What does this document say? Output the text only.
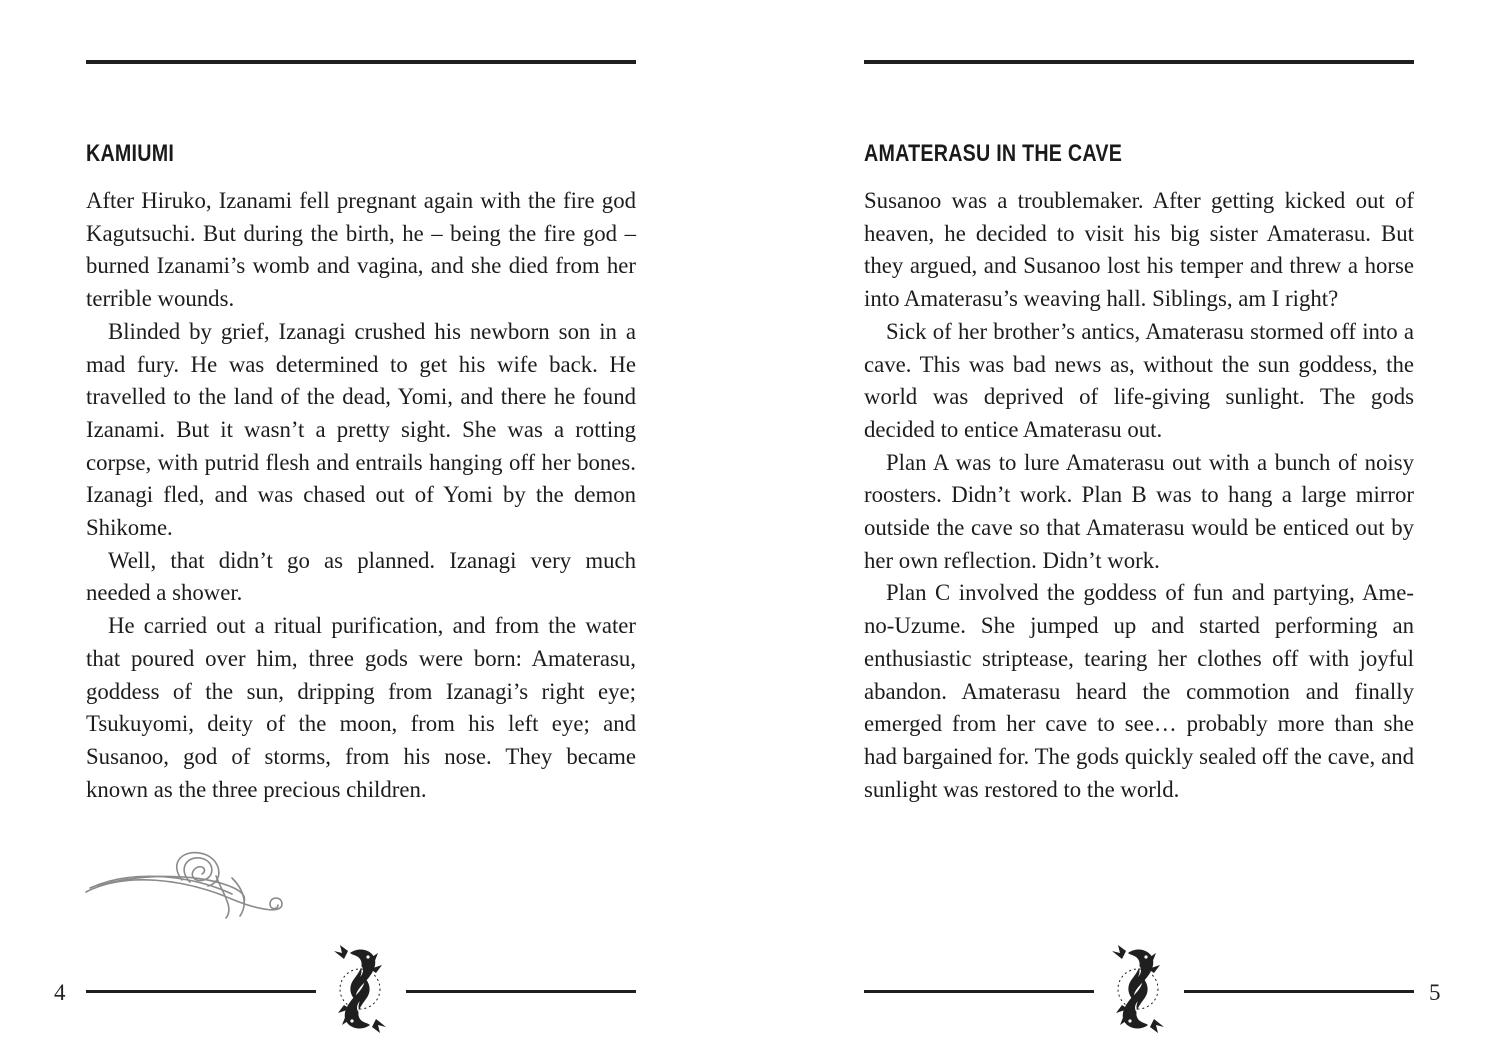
KAMIUMI

After Hiruko, Izanami fell pregnant again with the fire god Kagutsuchi. But during the birth, he – being the fire god – burned Izanami’s womb and vagina, and she died from her terrible wounds.

Blinded by grief, Izanagi crushed his newborn son in a mad fury. He was determined to get his wife back. He travelled to the land of the dead, Yomi, and there he found Izanami. But it wasn’t a pretty sight. She was a rotting corpse, with putrid flesh and entrails hanging off her bones. Izanagi fled, and was chased out of Yomi by the demon Shikome.

Well, that didn’t go as planned. Izanagi very much needed a shower.

He carried out a ritual purification, and from the water that poured over him, three gods were born: Amaterasu, goddess of the sun, dripping from Izanagi’s right eye; Tsukuyomi, deity of the moon, from his left eye; and Susanoo, god of storms, from his nose. They became known as the three precious children.

4
AMATERASU IN THE CAVE

Susanoo was a troublemaker. After getting kicked out of heaven, he decided to visit his big sister Amaterasu. But they argued, and Susanoo lost his temper and threw a horse into Amaterasu’s weaving hall. Siblings, am I right?

Sick of her brother’s antics, Amaterasu stormed off into a cave. This was bad news as, without the sun goddess, the world was deprived of life-giving sunlight. The gods decided to entice Amaterasu out.

Plan A was to lure Amaterasu out with a bunch of noisy roosters. Didn’t work. Plan B was to hang a large mirror outside the cave so that Amaterasu would be enticed out by her own reflection. Didn’t work.

Plan C involved the goddess of fun and partying, Ame-no-Uzume. She jumped up and started performing an enthusiastic striptease, tearing her clothes off with joyful abandon. Amaterasu heard the commotion and finally emerged from her cave to see… probably more than she had bargained for. The gods quickly sealed off the cave, and sunlight was restored to the world.

5
